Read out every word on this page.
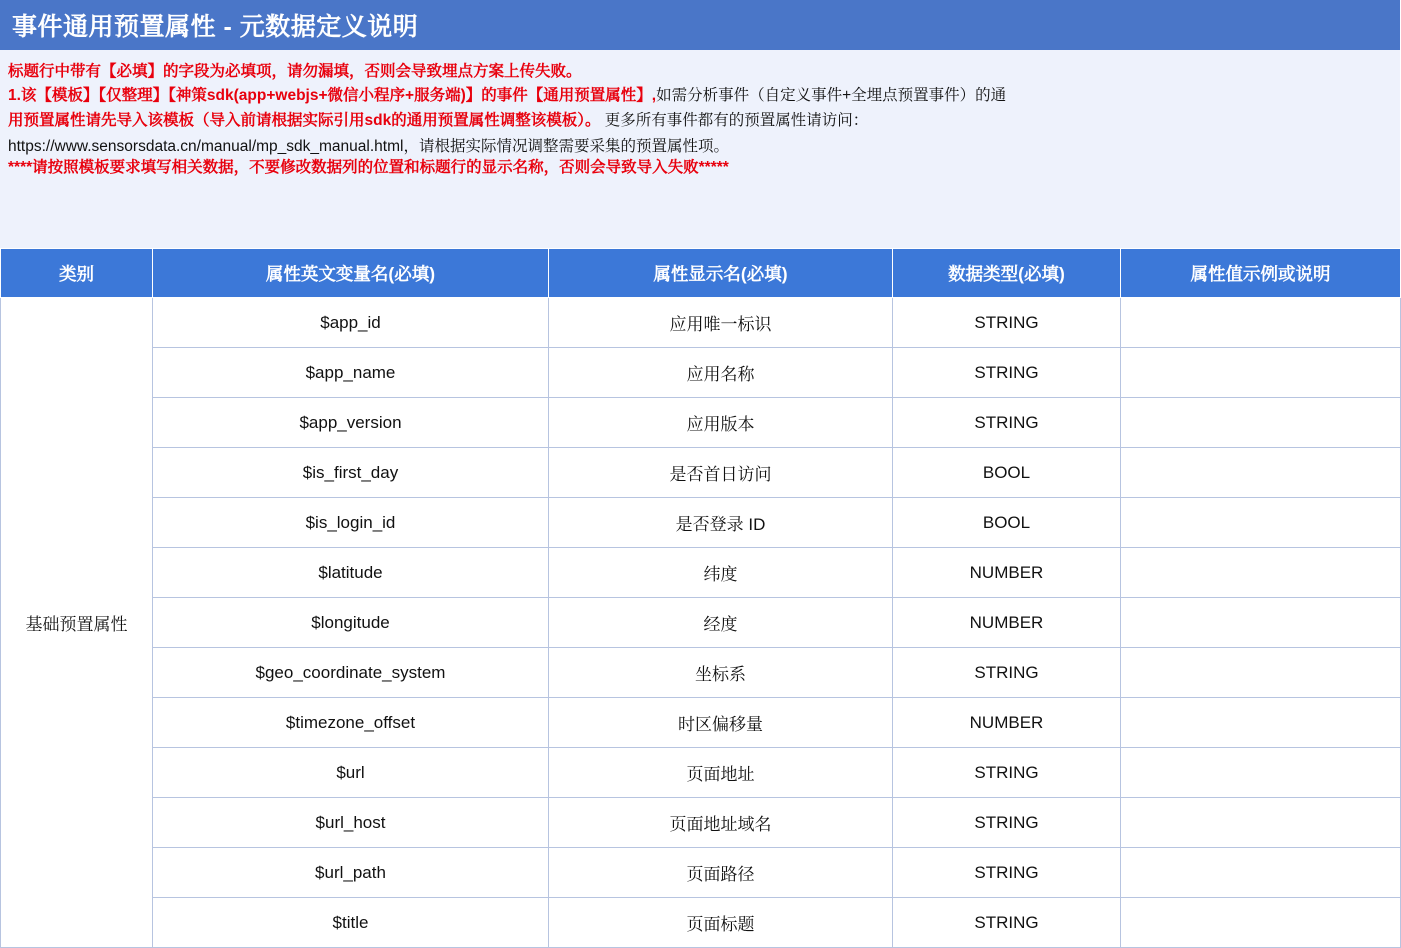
事件通用预置属性 - 元数据定义说明
标题行中带有【必填】的字段为必填项，请勿漏填，否则会导致埋点方案上传失败。
1.该【模板】【仅整理】【神策sdk(app+webjs+微信小程序+服务端)】的事件【通用预置属性】,如需分析事件（自定义事件+全埋点预置事件）的通
用预置属性请先导入该模板（导入前请根据实际引用sdk的通用预置属性调整该模板）。 更多所有事件都有的预置属性请访问：
https://www.sensorsdata.cn/manual/mp_sdk_manual.html，请根据实际情况调整需要采集的预置属性项。
****请按照模板要求填写相关数据，不要修改数据列的位置和标题行的显示名称，否则会导致导入失败*****
类别	属性英文变量名(必填)	属性显示名(必填)	数据类型(必填)	属性值示例或说明
基础预置属性	$app_id	应用唯一标识	STRING	
	$app_name	应用名称	STRING	
	$app_version	应用版本	STRING	
	$is_first_day	是否首日访问	BOOL	
	$is_login_id	是否登录 ID	BOOL	
	$latitude	纬度	NUMBER	
	$longitude	经度	NUMBER	
	$geo_coordinate_system	坐标系	STRING	
	$timezone_offset	时区偏移量	NUMBER	
	$url	页面地址	STRING	
	$url_host	页面地址域名	STRING	
	$url_path	页面路径	STRING	
	$title	页面标题	STRING	
